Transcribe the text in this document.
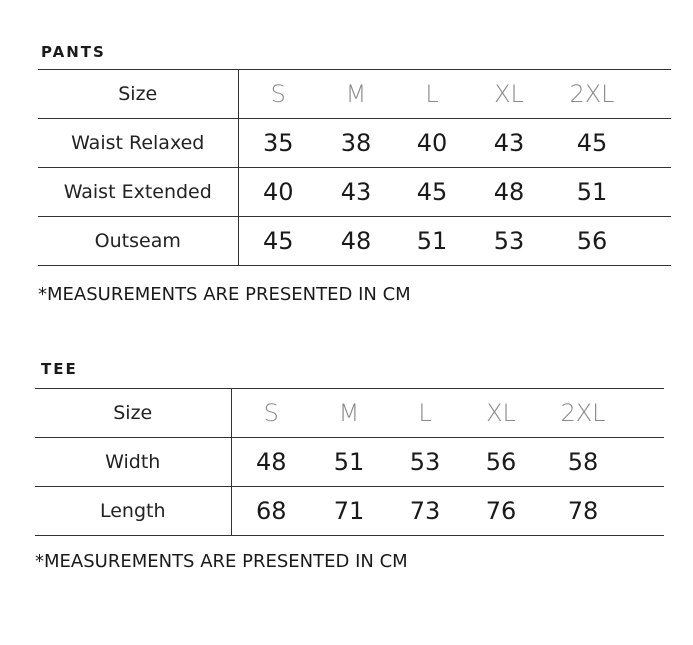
PANTS
Size	S	M	L	XL	2XL	
Waist Relaxed	35	38	40	43	45	
Waist Extended	40	43	45	48	51	
Outseam	45	48	51	53	56	
*MEASUREMENTS ARE PRESENTED IN CM
TEE
Size	S	M	L	XL	2XL	
Width	48	51	53	56	58	
Length	68	71	73	76	78	
*MEASUREMENTS ARE PRESENTED IN CM
